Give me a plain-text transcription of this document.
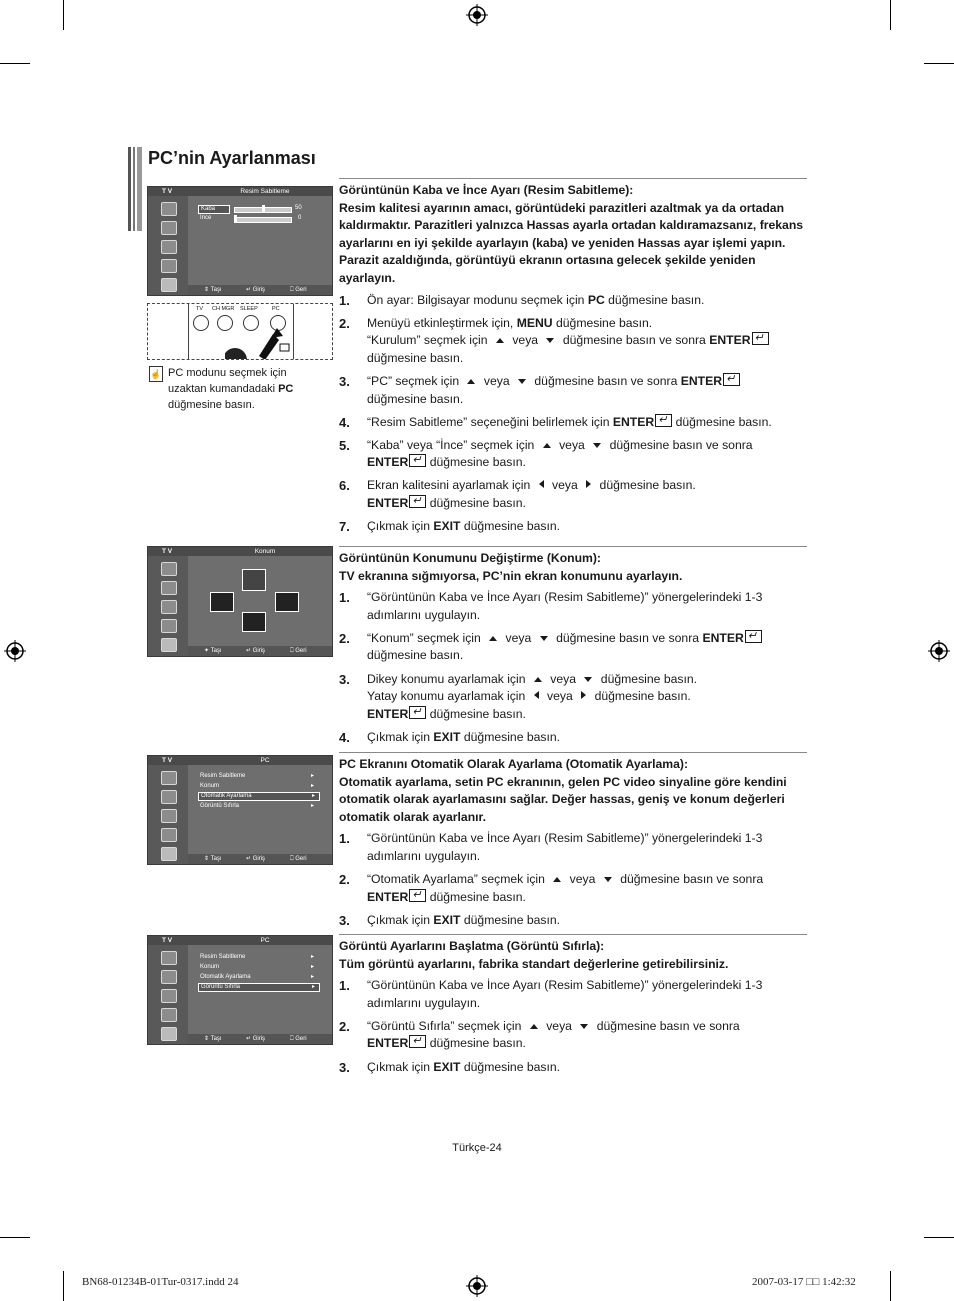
PC’nin Ayarlanması
T V	Resim Sabitleme
Kaba	50
İnce	0
⇕ Taşı	↵ Giriş	⎕ Geri
TV CH MGR SLEEP	PC
☝ PC modunu seçmek için uzaktan kumandadaki PC düğmesine basın.
T V	Konum
✦ Taşı	↵ Giriş	⎕ Geri
T V	PC
Resim Sabitleme	▸
Konum	▸
Otomatik Ayarlama	▸
Görüntü Sıfırla	▸
⇕ Taşı	↵ Giriş	⎕ Geri
T V	PC
Resim Sabitleme	▸
Konum	▸
Otomatik Ayarlama	▸
Görüntü Sıfırla	▸
⇕ Taşı	↵ Giriş	⎕ Geri
Görüntünün Kaba ve İnce Ayarı (Resim Sabitleme):
Resim kalitesi ayarının amacı, görüntüdeki parazitleri azaltmak ya da ortadan kaldırmaktır. Parazitleri yalnızca Hassas ayarla ortadan kaldıramazsanız, frekans ayarlarını en iyi şekilde ayarlayın (kaba) ve yeniden Hassas ayar işlemi yapın. Parazit azaldığında, görüntüyü ekranın ortasına gelecek şekilde yeniden ayarlayın.
1.	Ön ayar: Bilgisayar modunu seçmek için PC düğmesine basın.
2.	Menüyü etkinleştirmek için, MENU düğmesine basın.
“Kurulum” seçmek için  veya  düğmesine basın ve sonra ENTER↵
düğmesine basın.
3.	“PC” seçmek için  veya  düğmesine basın ve sonra ENTER↵
düğmesine basın.
4.	“Resim Sabitleme” seçeneğini belirlemek için ENTER↵ düğmesine basın.
5.	“Kaba” veya “İnce” seçmek için  veya  düğmesine basın ve sonra
ENTER↵ düğmesine basın.
6.	Ekran kalitesini ayarlamak için  veya  düğmesine basın.
ENTER↵ düğmesine basın.
7.	Çıkmak için EXIT düğmesine basın.
Görüntünün Konumunu Değiştirme (Konum):
TV ekranına sığmıyorsa, PC’nin ekran konumunu ayarlayın.
1.	“Görüntünün Kaba ve İnce Ayarı (Resim Sabitleme)” yönergelerindeki 1-3
adımlarını uygulayın.
2.	“Konum” seçmek için  veya  düğmesine basın ve sonra ENTER↵
düğmesine basın.
3.	Dikey konumu ayarlamak için  veya  düğmesine basın.
Yatay konumu ayarlamak için  veya  düğmesine basın.
ENTER↵ düğmesine basın.
4.	Çıkmak için EXIT düğmesine basın.
PC Ekranını Otomatik Olarak Ayarlama (Otomatik Ayarlama):
Otomatik ayarlama, setin PC ekranının, gelen PC video sinyaline göre kendini otomatik olarak ayarlamasını sağlar. Değer hassas, geniş ve konum değerleri otomatik olarak ayarlanır.
1.	“Görüntünün Kaba ve İnce Ayarı (Resim Sabitleme)” yönergelerindeki 1-3
adımlarını uygulayın.
2.	“Otomatik Ayarlama” seçmek için  veya  düğmesine basın ve sonra
ENTER↵ düğmesine basın.
3.	Çıkmak için EXIT düğmesine basın.
Görüntü Ayarlarını Başlatma (Görüntü Sıfırla):
Tüm görüntü ayarlarını, fabrika standart değerlerine getirebilirsiniz.
1.	“Görüntünün Kaba ve İnce Ayarı (Resim Sabitleme)” yönergelerindeki 1-3
adımlarını uygulayın.
2.	“Görüntü Sıfırla” seçmek için  veya  düğmesine basın ve sonra
ENTER↵ düğmesine basın.
3.	Çıkmak için EXIT düğmesine basın.
Türkçe-24
BN68-01234B-01Tur-0317.indd 24	2007-03-17 □□ 1:42:32
